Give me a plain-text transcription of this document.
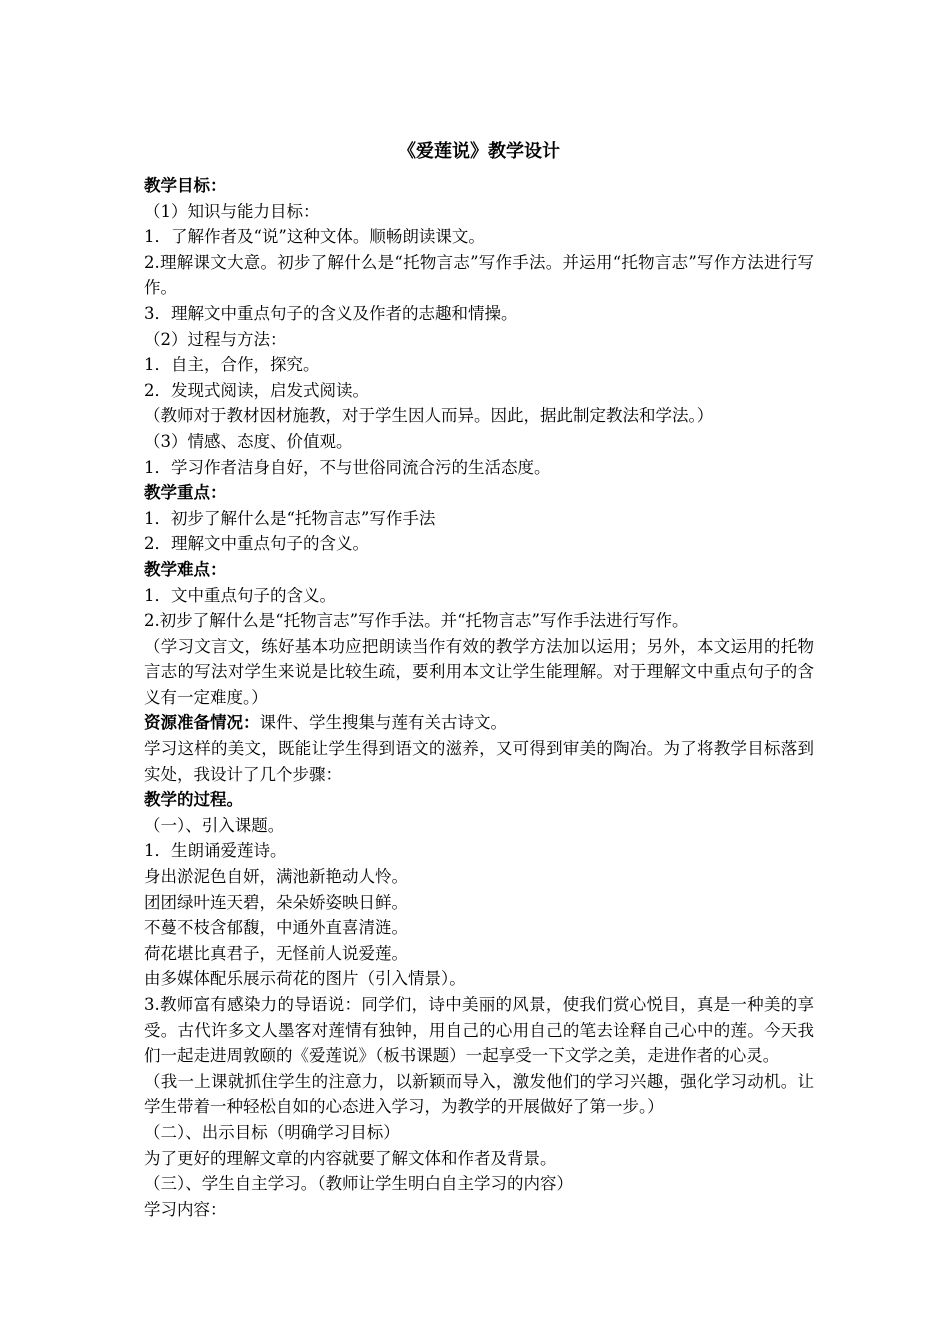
《爱莲说》教学设计

教学目标：

（1）知识与能力目标：

1．了解作者及“说”这种文体。顺畅朗读课文。

2.理解课文大意。初步了解什么是“托物言志”写作手法。并运用“托物言志”写作方法进行写作。

3．理解文中重点句子的含义及作者的志趣和情操。

（2）过程与方法：

1．自主，合作，探究。

2．发现式阅读，启发式阅读。

（教师对于教材因材施教，对于学生因人而异。因此，据此制定教法和学法。）

（3）情感、态度、价值观。

1．学习作者洁身自好，不与世俗同流合污的生活态度。

教学重点：

1．初步了解什么是“托物言志”写作手法

2．理解文中重点句子的含义。

教学难点：

1．文中重点句子的含义。

2.初步了解什么是“托物言志”写作手法。并“托物言志”写作手法进行写作。

（学习文言文，练好基本功应把朗读当作有效的教学方法加以运用；另外，本文运用的托物言志的写法对学生来说是比较生疏，要利用本文让学生能理解。对于理解文中重点句子的含义有一定难度。）

资源准备情况：课件、学生搜集与莲有关古诗文。

学习这样的美文，既能让学生得到语文的滋养，又可得到审美的陶冶。为了将教学目标落到实处，我设计了几个步骤：

教学的过程。

（一）、引入课题。

1．生朗诵爱莲诗。

身出淤泥色自妍，满池新艳动人怜。

团团绿叶连天碧，朵朵娇姿映日鲜。

不蔓不枝含郁馥，中通外直喜清涟。

荷花堪比真君子，无怪前人说爱莲。

由多媒体配乐展示荷花的图片（引入情景）。

3.教师富有感染力的导语说：同学们，诗中美丽的风景，使我们赏心悦目，真是一种美的享受。古代许多文人墨客对莲情有独钟，用自己的心用自己的笔去诠释自己心中的莲。今天我们一起走进周敦颐的《爱莲说》（板书课题）一起享受一下文学之美，走进作者的心灵。

（我一上课就抓住学生的注意力，以新颖而导入，激发他们的学习兴趣，强化学习动机。让学生带着一种轻松自如的心态进入学习，为教学的开展做好了第一步。）

（二）、出示目标（明确学习目标）

为了更好的理解文章的内容就要了解文体和作者及背景。

（三）、学生自主学习。（教师让学生明白自主学习的内容）

学习内容：
